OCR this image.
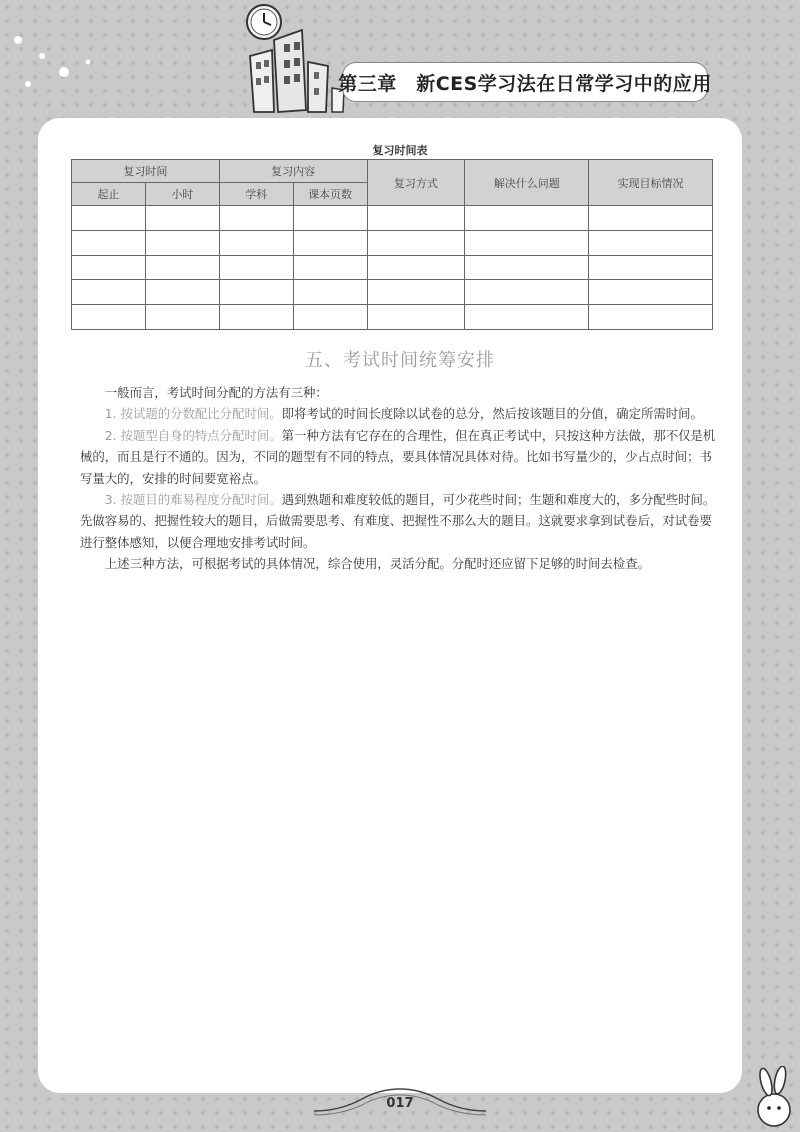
第三章　新CES学习法在日常学习中的应用
复习时间表
复习时间		复习内容		复习方式	解决什么问题	实现目标情况
起止	小时	学科	课本页数			

五、考试时间统筹安排

一般而言，考试时间分配的方法有三种：

1. 按试题的分数配比分配时间。即将考试的时间长度除以试卷的总分，然后按该题目的分值，确定所需时间。

2. 按题型自身的特点分配时间。第一种方法有它存在的合理性，但在真正考试中，只按这种方法做，那不仅是机械的，而且是行不通的。因为，不同的题型有不同的特点，要具体情况具体对待。比如书写量少的，少占点时间；书写量大的，安排的时间要宽裕点。

3. 按题目的难易程度分配时间。遇到熟题和难度较低的题目，可少花些时间；生题和难度大的，多分配些时间。先做容易的、把握性较大的题目，后做需要思考、有难度、把握性不那么大的题目。这就要求拿到试卷后，对试卷要进行整体感知，以便合理地安排考试时间。

上述三种方法，可根据考试的具体情况，综合使用，灵活分配。分配时还应留下足够的时间去检查。

017
